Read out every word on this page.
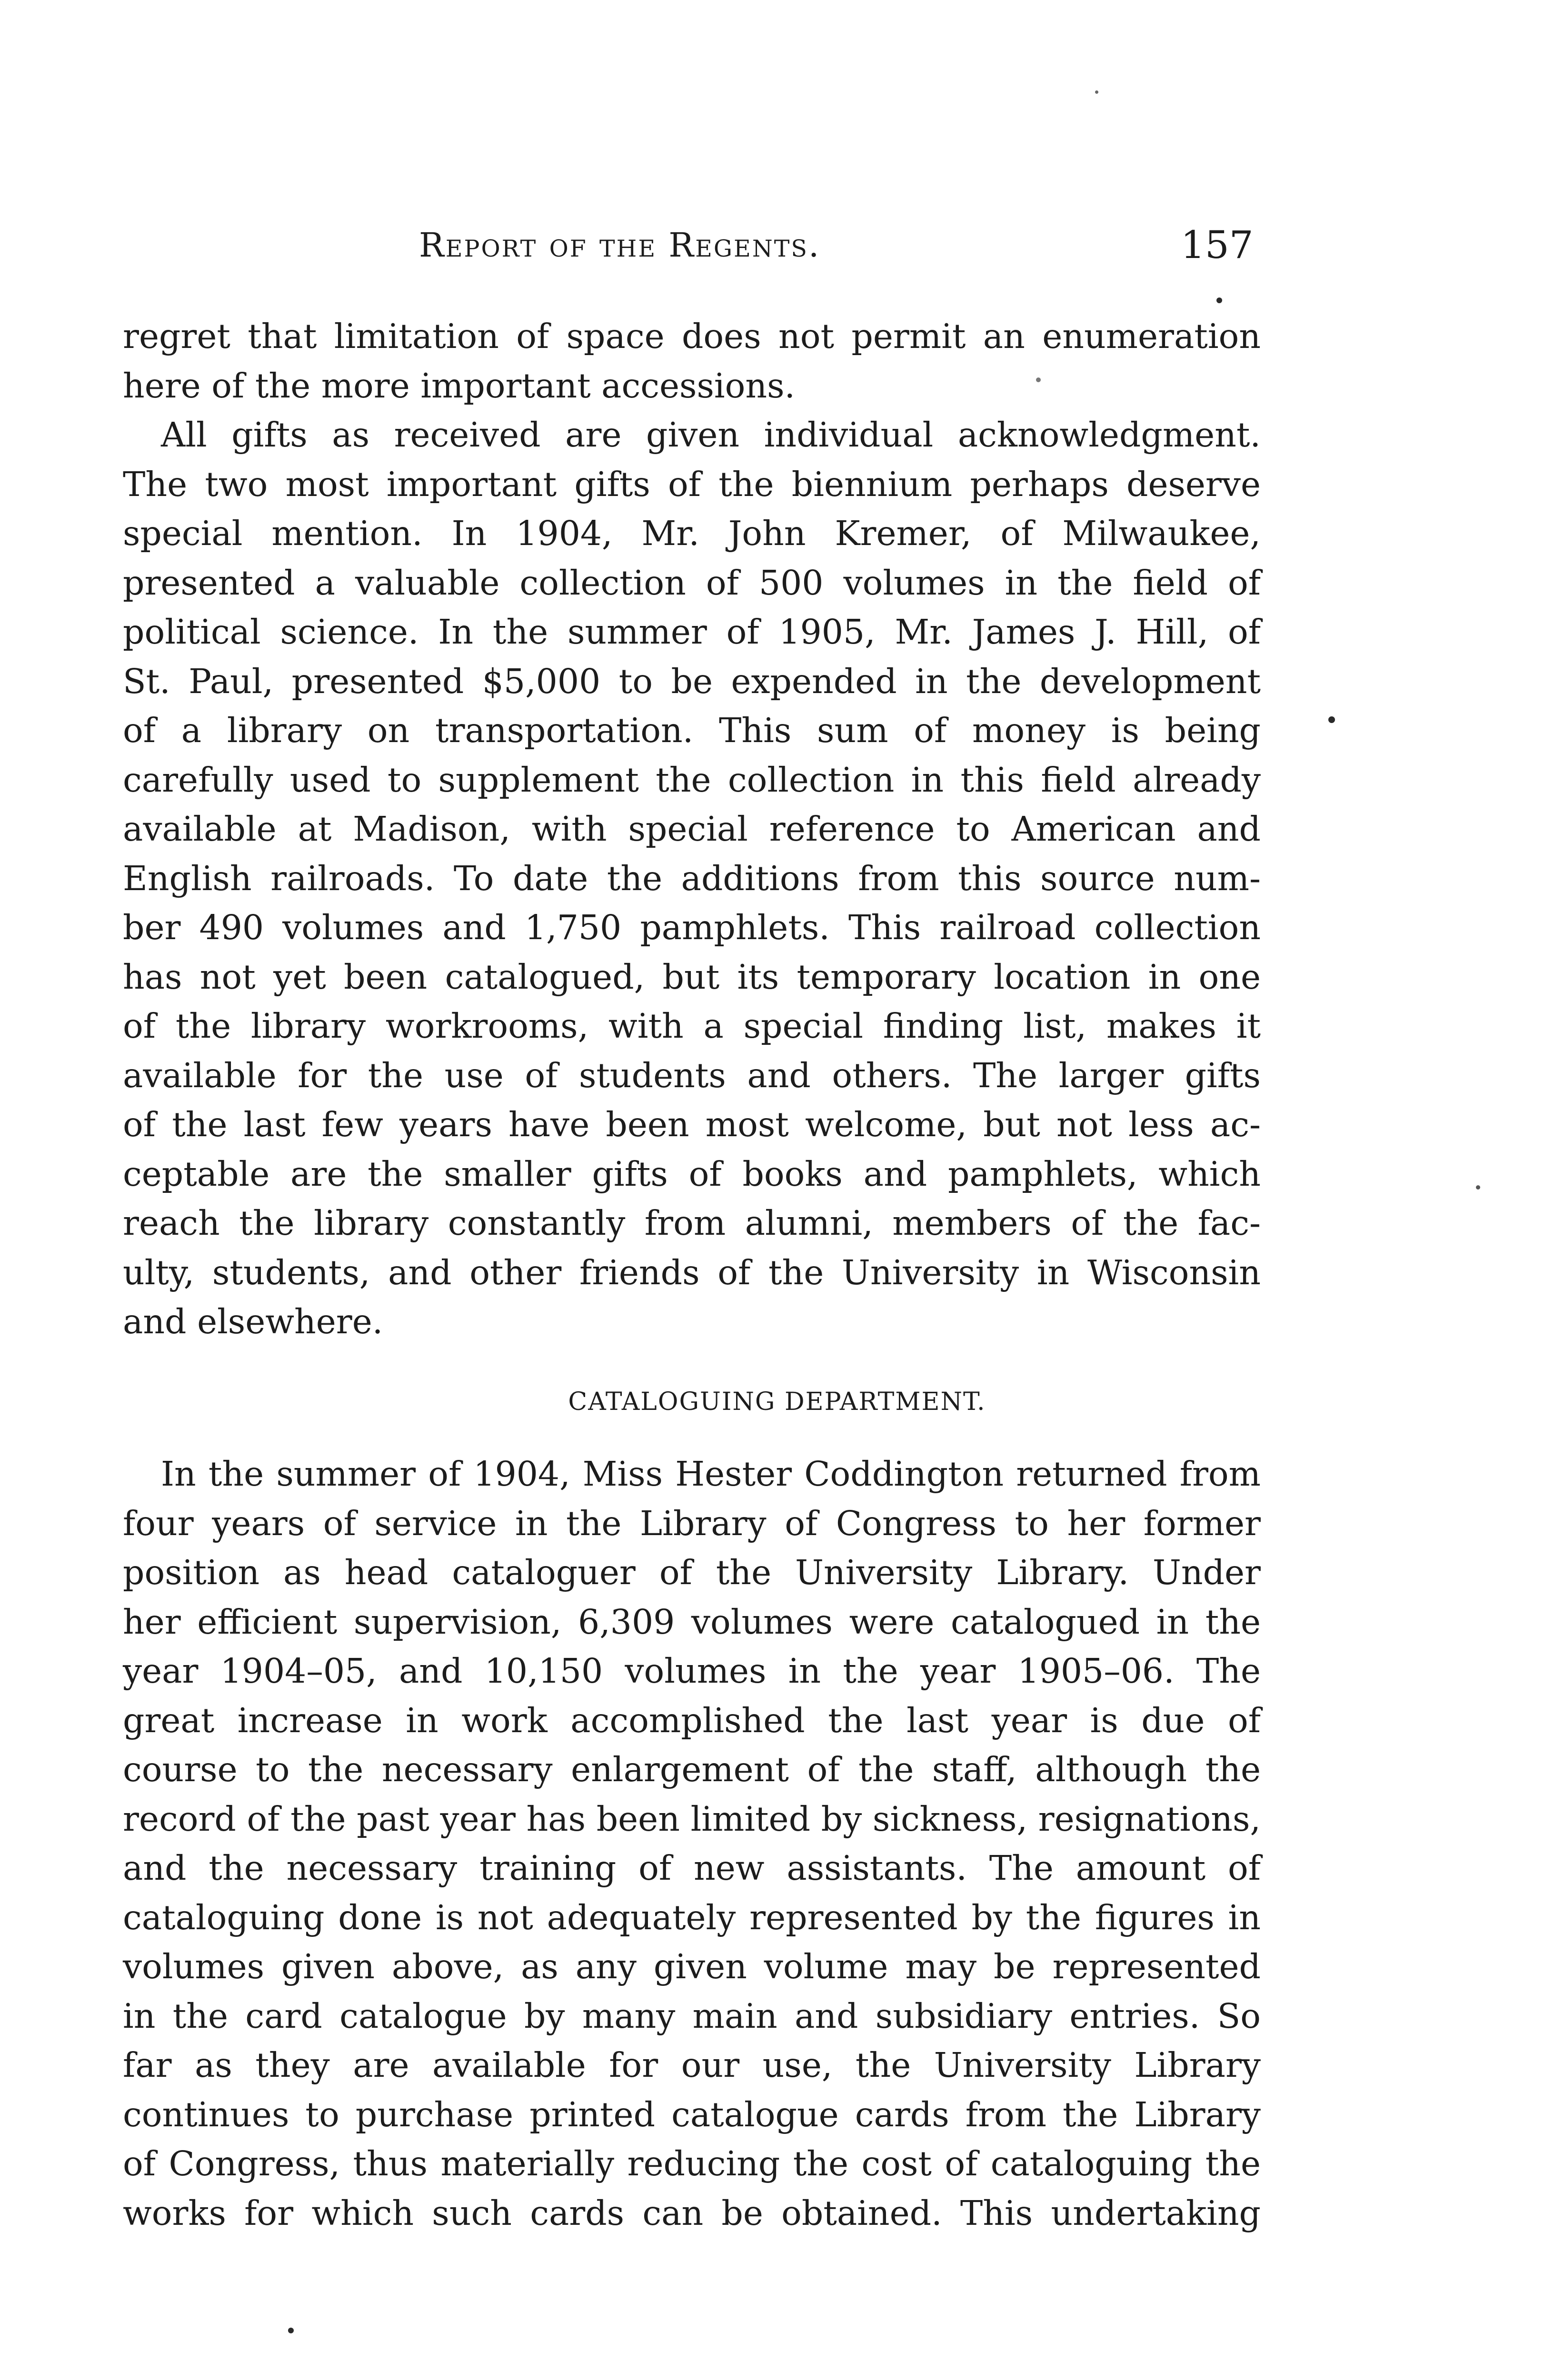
Report of the Regents.	157
regret that limitation of space does not permit an enumeration
here of the more important accessions.
All gifts as received are given individual acknowledgment.
The two most important gifts of the biennium perhaps deserve
special mention. In 1904, Mr. John Kremer, of Milwaukee,
presented a valuable collection of 500 volumes in the field of
political science. In the summer of 1905, Mr. James J. Hill, of
St. Paul, presented $5,000 to be expended in the development
of a library on transportation. This sum of money is being
carefully used to supplement the collection in this field already
available at Madison, with special reference to American and
English railroads. To date the additions from this source num-
ber 490 volumes and 1,750 pamphlets. This railroad collection
has not yet been catalogued, but its temporary location in one
of the library workrooms, with a special finding list, makes it
available for the use of students and others. The larger gifts
of the last few years have been most welcome, but not less ac-
ceptable are the smaller gifts of books and pamphlets, which
reach the library constantly from alumni, members of the fac-
ulty, students, and other friends of the University in Wisconsin
and elsewhere.
CATALOGUING DEPARTMENT.
In the summer of 1904, Miss Hester Coddington returned from
four years of service in the Library of Congress to her former
position as head cataloguer of the University Library. Under
her efficient supervision, 6,309 volumes were catalogued in the
year 1904–05, and 10,150 volumes in the year 1905–06. The
great increase in work accomplished the last year is due of
course to the necessary enlargement of the staff, although the
record of the past year has been limited by sickness, resignations,
and the necessary training of new assistants. The amount of
cataloguing done is not adequately represented by the figures in
volumes given above, as any given volume may be represented
in the card catalogue by many main and subsidiary entries. So
far as they are available for our use, the University Library
continues to purchase printed catalogue cards from the Library
of Congress, thus materially reducing the cost of cataloguing the
works for which such cards can be obtained. This undertaking
